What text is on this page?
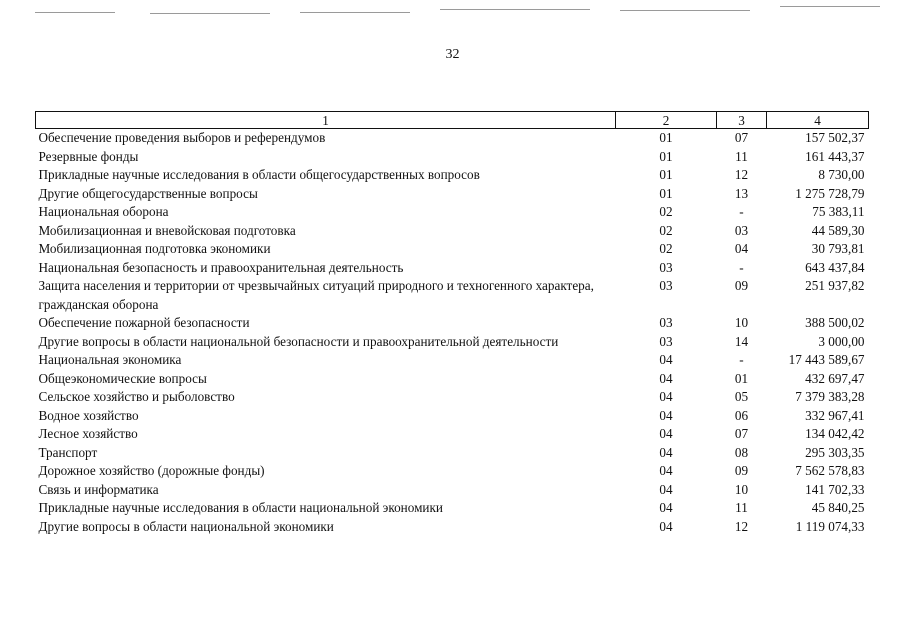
32
1	2	3	4
Обеспечение проведения выборов и референдумов	01	07	157 502,37
Резервные фонды	01	11	161 443,37
Прикладные научные исследования в области общегосударственных вопросов	01	12	8 730,00
Другие общегосударственные вопросы	01	13	1 275 728,79
Национальная оборона	02	-	75 383,11
Мобилизационная и вневойсковая подготовка	02	03	44 589,30
Мобилизационная подготовка экономики	02	04	30 793,81
Национальная безопасность и правоохранительная деятельность	03	-	643 437,84
Защита населения и территории от чрезвычайных ситуаций природного и техногенного характера, гражданская оборона	03	09	251 937,82
Обеспечение пожарной безопасности	03	10	388 500,02
Другие вопросы в области национальной безопасности и правоохранительной деятельности	03	14	3 000,00
Национальная экономика	04	-	17 443 589,67
Общеэкономические вопросы	04	01	432 697,47
Сельское хозяйство и рыболовство	04	05	7 379 383,28
Водное хозяйство	04	06	332 967,41
Лесное хозяйство	04	07	134 042,42
Транспорт	04	08	295 303,35
Дорожное хозяйство (дорожные фонды)	04	09	7 562 578,83
Связь и информатика	04	10	141 702,33
Прикладные научные исследования в области национальной экономики	04	11	45 840,25
Другие вопросы в области национальной экономики	04	12	1 119 074,33
